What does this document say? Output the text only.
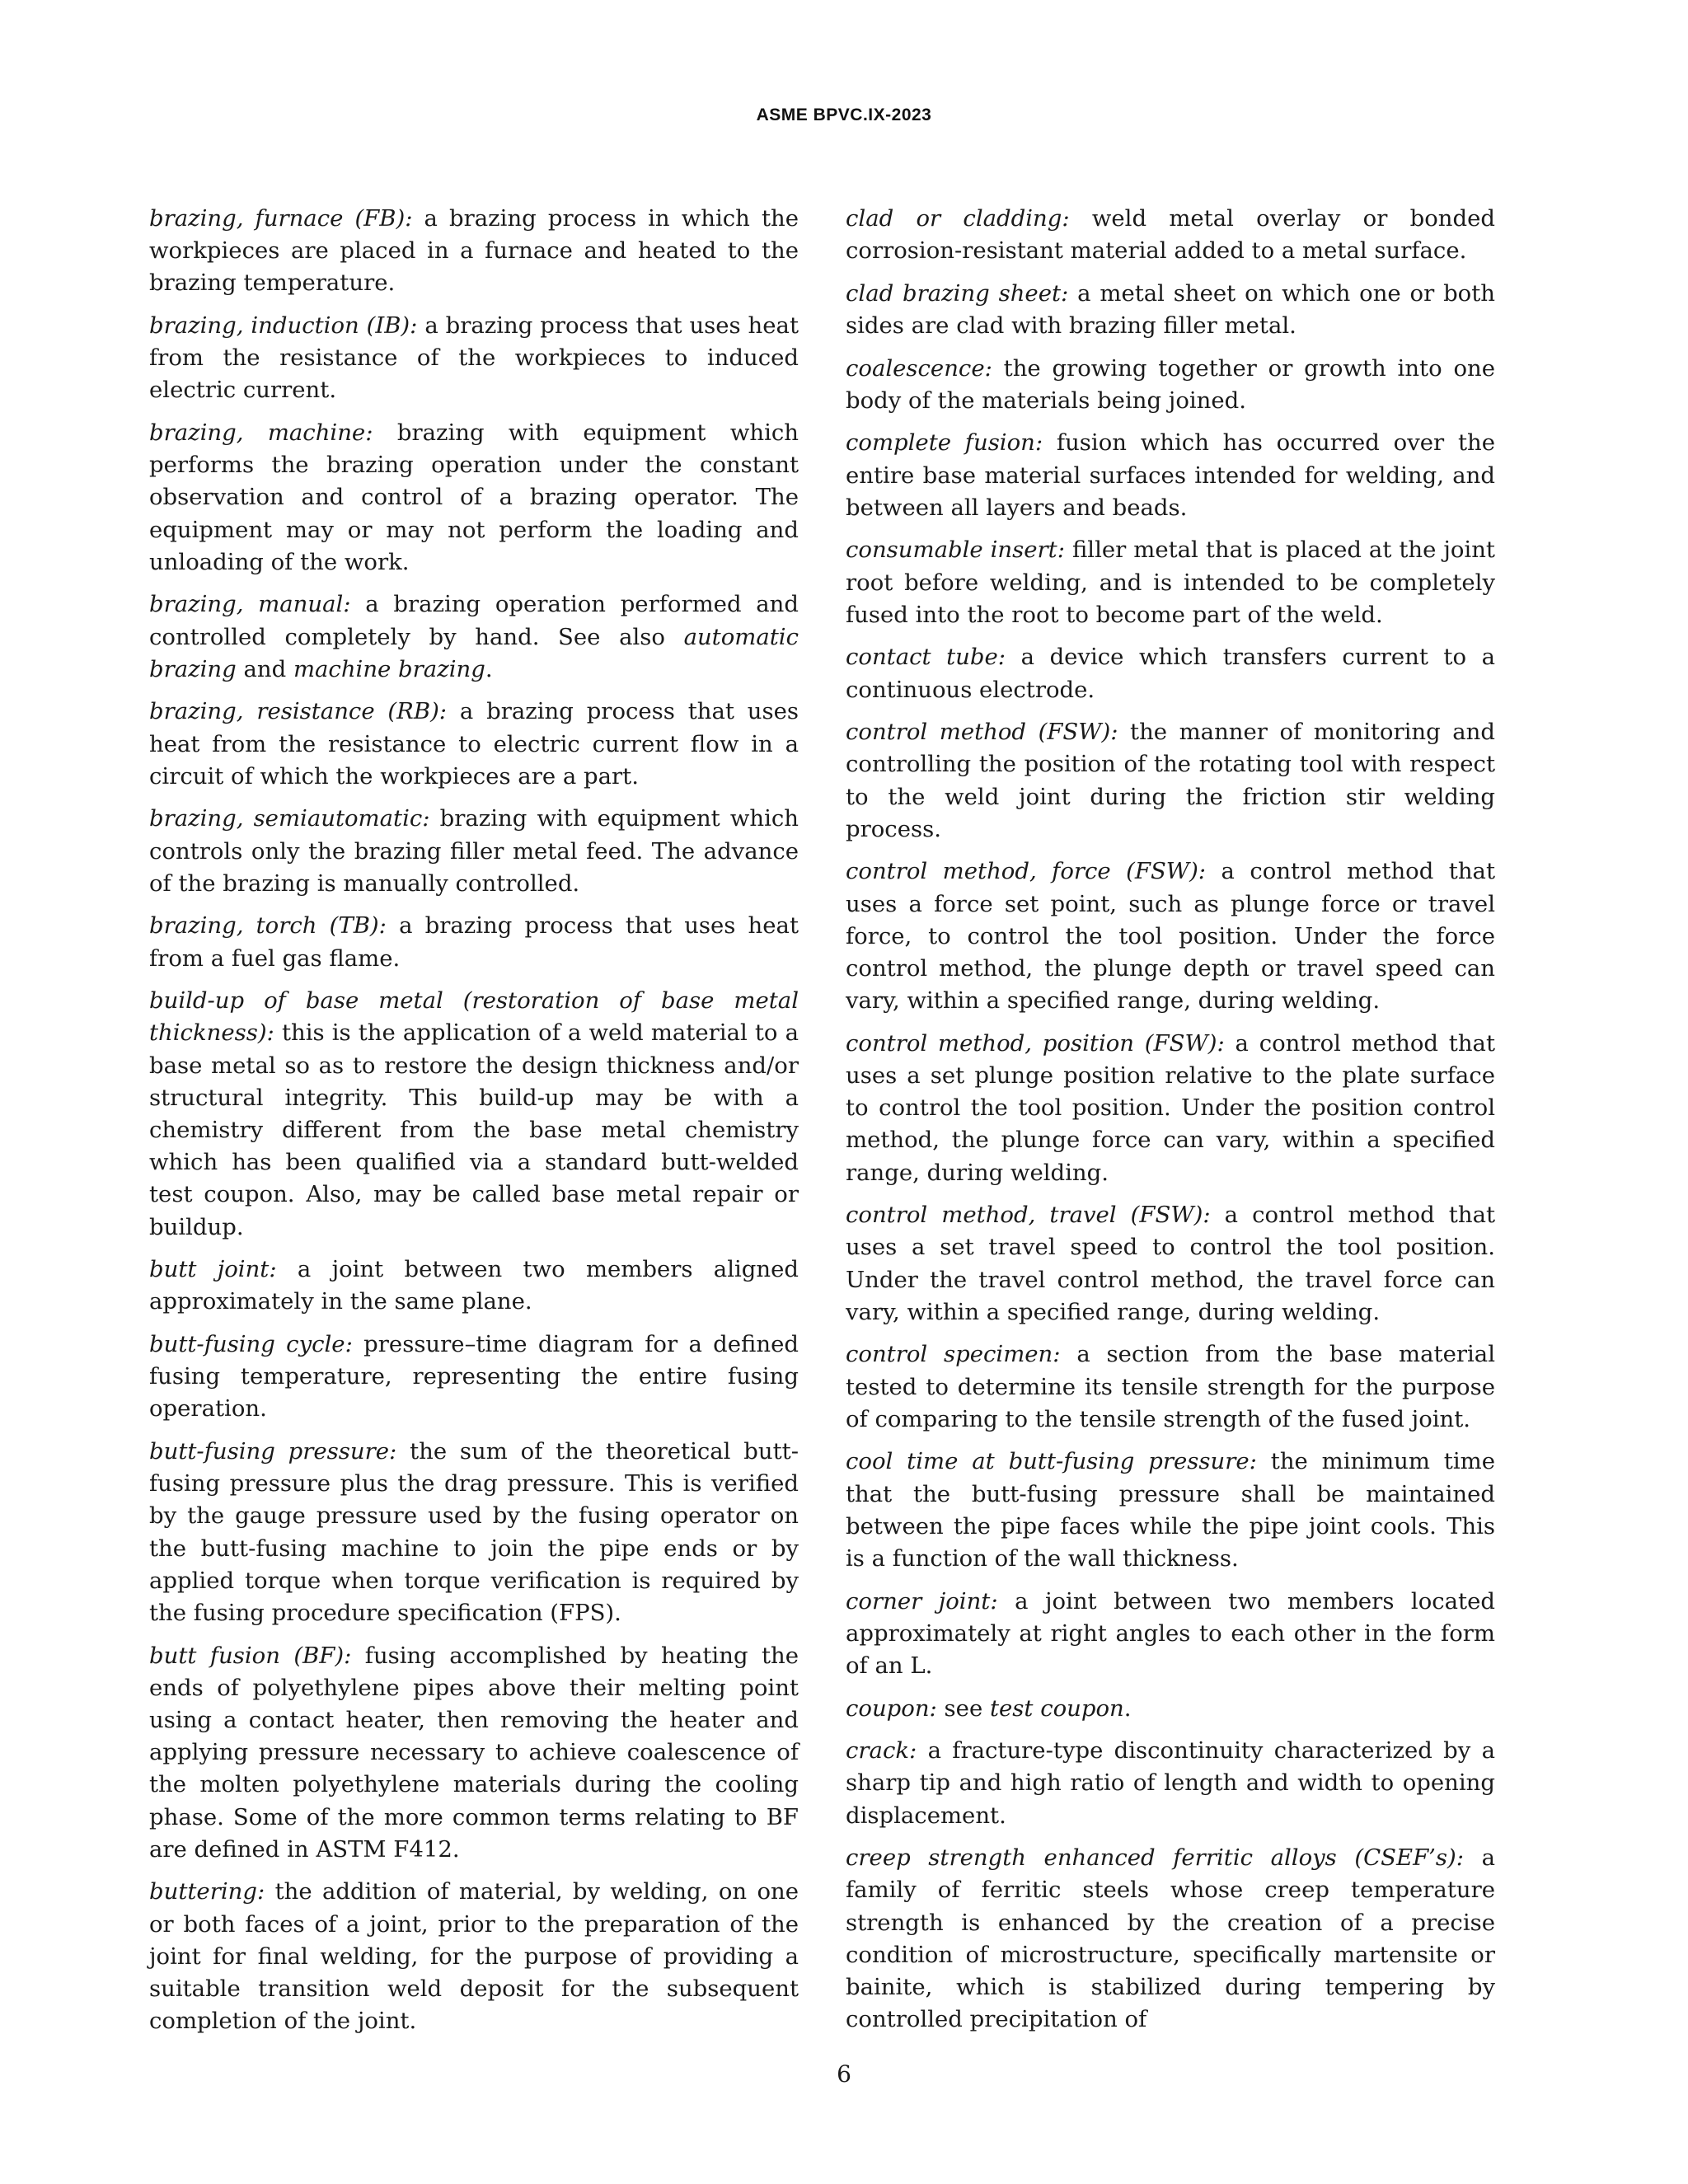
ASME BPVC.IX-2023

brazing, furnace (FB): a brazing process in which the workpieces are placed in a furnace and heated to the brazing temperature.

brazing, induction (IB): a brazing process that uses heat from the resistance of the workpieces to induced electric current.

brazing, machine: brazing with equipment which performs the brazing operation under the constant observation and control of a brazing operator. The equipment may or may not perform the loading and unloading of the work.

brazing, manual: a brazing operation performed and controlled completely by hand. See also automatic brazing and machine brazing.

brazing, resistance (RB): a brazing process that uses heat from the resistance to electric current flow in a circuit of which the workpieces are a part.

brazing, semiautomatic: brazing with equipment which controls only the brazing filler metal feed. The advance of the brazing is manually controlled.

brazing, torch (TB): a brazing process that uses heat from a fuel gas flame.

build-up of base metal (restoration of base metal thickness): this is the application of a weld material to a base metal so as to restore the design thickness and/or structural integrity. This build-up may be with a chemistry different from the base metal chemistry which has been qualified via a standard butt-welded test coupon. Also, may be called base metal repair or buildup.

butt joint: a joint between two members aligned approximately in the same plane.

butt-fusing cycle: pressure–time diagram for a defined fusing temperature, representing the entire fusing operation.

butt-fusing pressure: the sum of the theoretical butt-fusing pressure plus the drag pressure. This is verified by the gauge pressure used by the fusing operator on the butt-fusing machine to join the pipe ends or by applied torque when torque verification is required by the fusing procedure specification (FPS).

butt fusion (BF): fusing accomplished by heating the ends of polyethylene pipes above their melting point using a contact heater, then removing the heater and applying pressure necessary to achieve coalescence of the molten polyethylene materials during the cooling phase. Some of the more common terms relating to BF are defined in ASTM F412.

buttering: the addition of material, by welding, on one or both faces of a joint, prior to the preparation of the joint for final welding, for the purpose of providing a suitable transition weld deposit for the subsequent completion of the joint.

clad or cladding: weld metal overlay or bonded corrosion-resistant material added to a metal surface.

clad brazing sheet: a metal sheet on which one or both sides are clad with brazing filler metal.

coalescence: the growing together or growth into one body of the materials being joined.

complete fusion: fusion which has occurred over the entire base material surfaces intended for welding, and between all layers and beads.

consumable insert: filler metal that is placed at the joint root before welding, and is intended to be completely fused into the root to become part of the weld.

contact tube: a device which transfers current to a continuous electrode.

control method (FSW): the manner of monitoring and controlling the position of the rotating tool with respect to the weld joint during the friction stir welding process.

control method, force (FSW): a control method that uses a force set point, such as plunge force or travel force, to control the tool position. Under the force control method, the plunge depth or travel speed can vary, within a specified range, during welding.

control method, position (FSW): a control method that uses a set plunge position relative to the plate surface to control the tool position. Under the position control method, the plunge force can vary, within a specified range, during welding.

control method, travel (FSW): a control method that uses a set travel speed to control the tool position. Under the travel control method, the travel force can vary, within a specified range, during welding.

control specimen: a section from the base material tested to determine its tensile strength for the purpose of comparing to the tensile strength of the fused joint.

cool time at butt-fusing pressure: the minimum time that the butt-fusing pressure shall be maintained between the pipe faces while the pipe joint cools. This is a function of the wall thickness.

corner joint: a joint between two members located approximately at right angles to each other in the form of an L.

coupon: see test coupon.

crack: a fracture-type discontinuity characterized by a sharp tip and high ratio of length and width to opening displacement.

creep strength enhanced ferritic alloys (CSEF’s): a family of ferritic steels whose creep temperature strength is enhanced by the creation of a precise condition of microstructure, specifically martensite or bainite, which is stabilized during tempering by controlled precipitation of

6
